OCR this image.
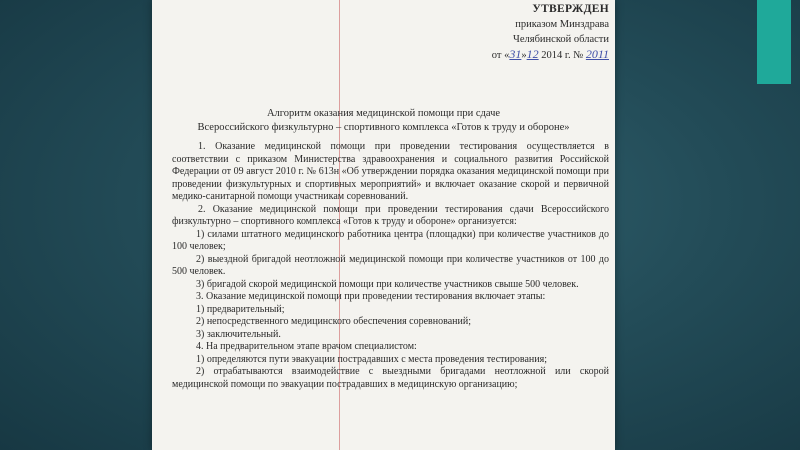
УТВЕРЖДЕН
приказом Минздрава
Челябинской области
от «31»12 2014 г. № 2011
Алгоритм оказания медицинской помощи при сдаче
Всероссийского физкультурно – спортивного комплекса «Готов к труду и обороне»

1. Оказание медицинской помощи при проведении тестирования осуществляется в соответствии с приказом Министерства здравоохранения и социального развития Российской Федерации от 09 август 2010 г. № 613н «Об утверждении порядка оказания медицинской помощи при проведении физкультурных и спортивных мероприятий» и включает оказание скорой и первичной медико-санитарной помощи участникам соревнований.

2. Оказание медицинской помощи при проведении тестирования сдачи Всероссийского физкультурно – спортивного комплекса «Готов к труду и обороне» организуется:

1) силами штатного медицинского работника центра (площадки) при количестве участников до 100 человек;

2) выездной бригадой неотложной медицинской помощи при количестве участников от 100 до 500 человек.

3) бригадой скорой медицинской помощи при количестве участников свыше 500 человек.

3. Оказание медицинской помощи при проведении тестирования включает этапы:

1) предварительный;

2) непосредственного медицинского обеспечения соревнований;

3) заключительный.

4. На предварительном этапе врачом специалистом:

1) определяются пути эвакуации пострадавших с места проведения тестирования;

2) отрабатываются взаимодействие с выездными бригадами неотложной или скорой медицинской помощи по эвакуации пострадавших в медицинскую организацию;
